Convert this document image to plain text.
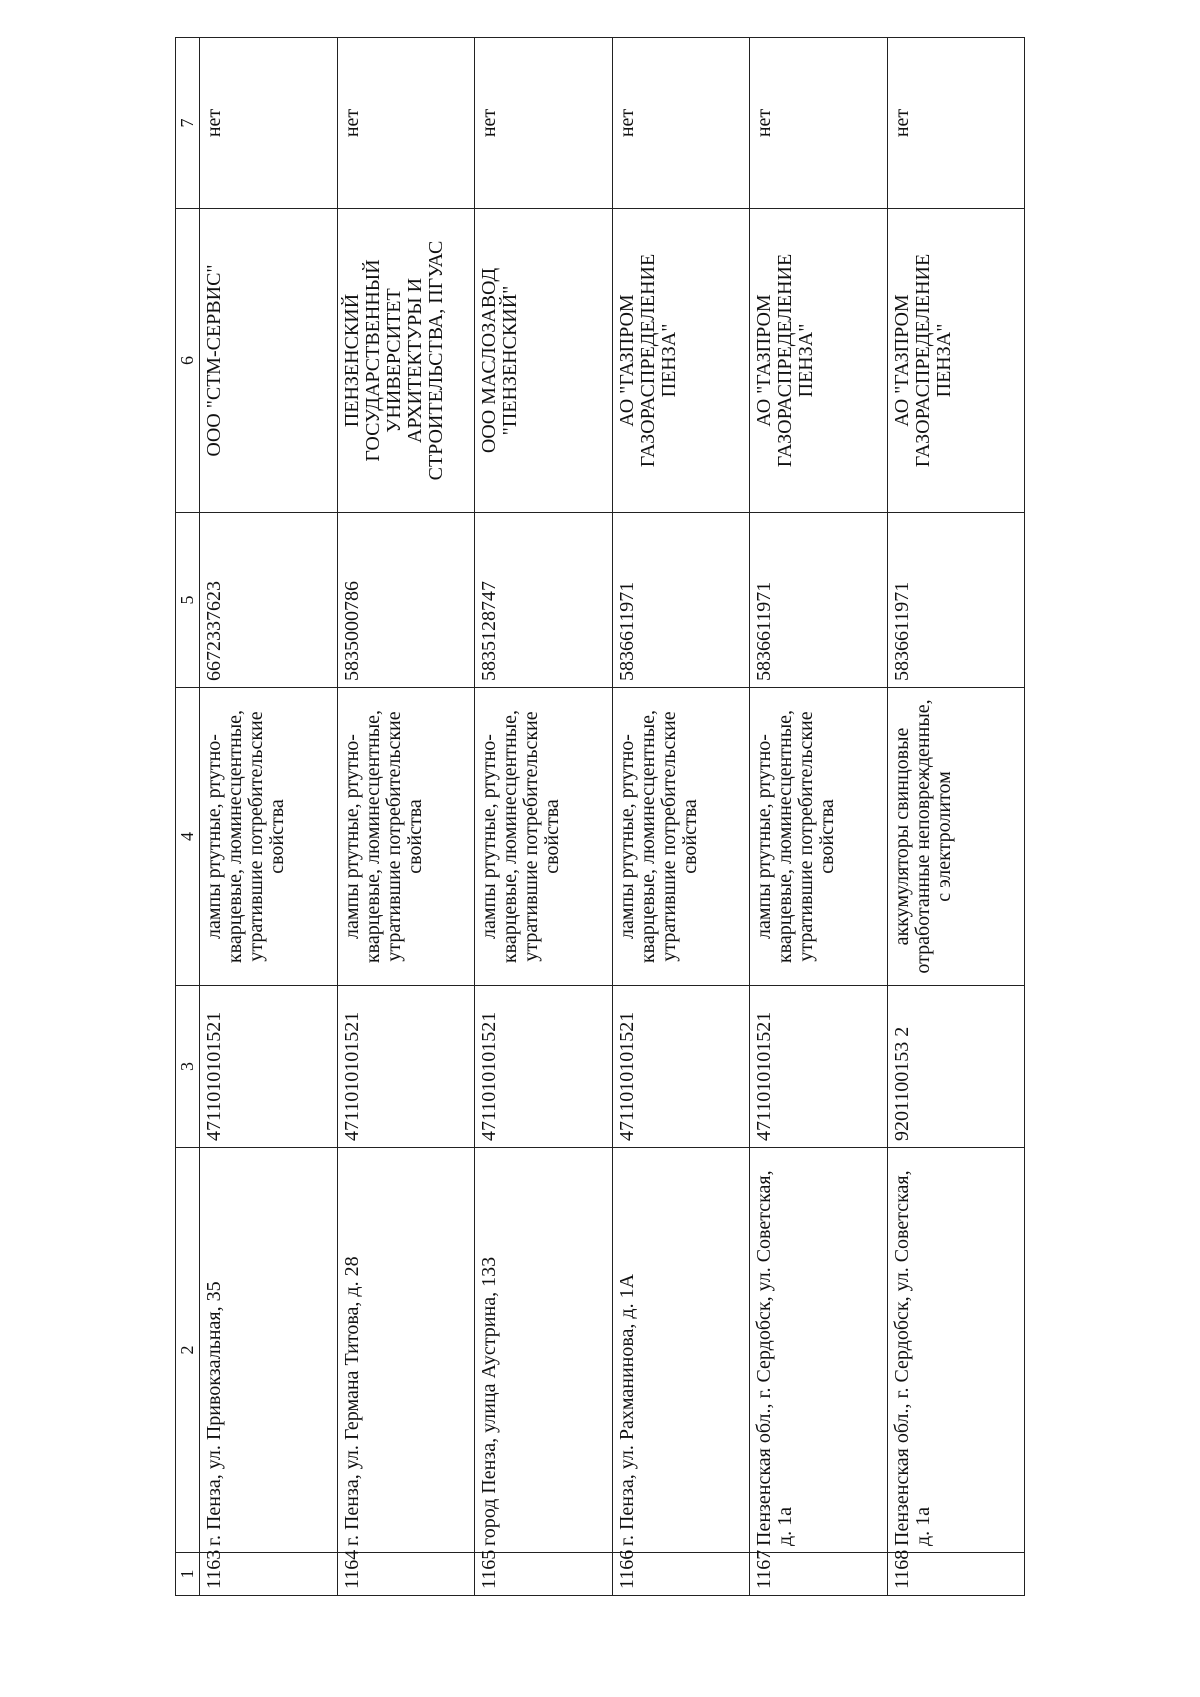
1	2	3	4	5	6	7
1163	г. Пенза, ул. Привокзальная, 35	4711010101521	лампы ртутные, ртутно-кварцевые, люминесцентные, утратившие потребительские свойства	6672337623	ООО "СТМ-СЕРВИС"	нет
1164	г. Пенза, ул. Германа Титова, д. 28	4711010101521	лампы ртутные, ртутно-кварцевые, люминесцентные, утратившие потребительские свойства	5835000786	ПЕНЗЕНСКИЙ ГОСУДАРСТВЕННЫЙ УНИВЕРСИТЕТ АРХИТЕКТУРЫ И СТРОИТЕЛЬСТВА, ПГУАС	нет
1165	город Пенза, улица Аустрина, 133	4711010101521	лампы ртутные, ртутно-кварцевые, люминесцентные, утратившие потребительские свойства	5835128747	ООО МАСЛОЗАВОД "ПЕНЗЕНСКИЙ"	нет
1166	г. Пенза, ул. Рахманинова, д. 1А	4711010101521	лампы ртутные, ртутно-кварцевые, люминесцентные, утратившие потребительские свойства	5836611971	АО "ГАЗПРОМ ГАЗОРАСПРЕДЕЛЕНИЕ ПЕНЗА"	нет
1167	Пензенская обл., г. Сердобск, ул. Советская, д. 1а	4711010101521	лампы ртутные, ртутно-кварцевые, люминесцентные, утратившие потребительские свойства	5836611971	АО "ГАЗПРОМ ГАЗОРАСПРЕДЕЛЕНИЕ ПЕНЗА"	нет
1168	Пензенская обл., г. Сердобск, ул. Советская, д. 1а	9201100153 2	аккумуляторы свинцовые отработанные неповрежденные, с электролитом	5836611971	АО "ГАЗПРОМ ГАЗОРАСПРЕДЕЛЕНИЕ ПЕНЗА"	нет
